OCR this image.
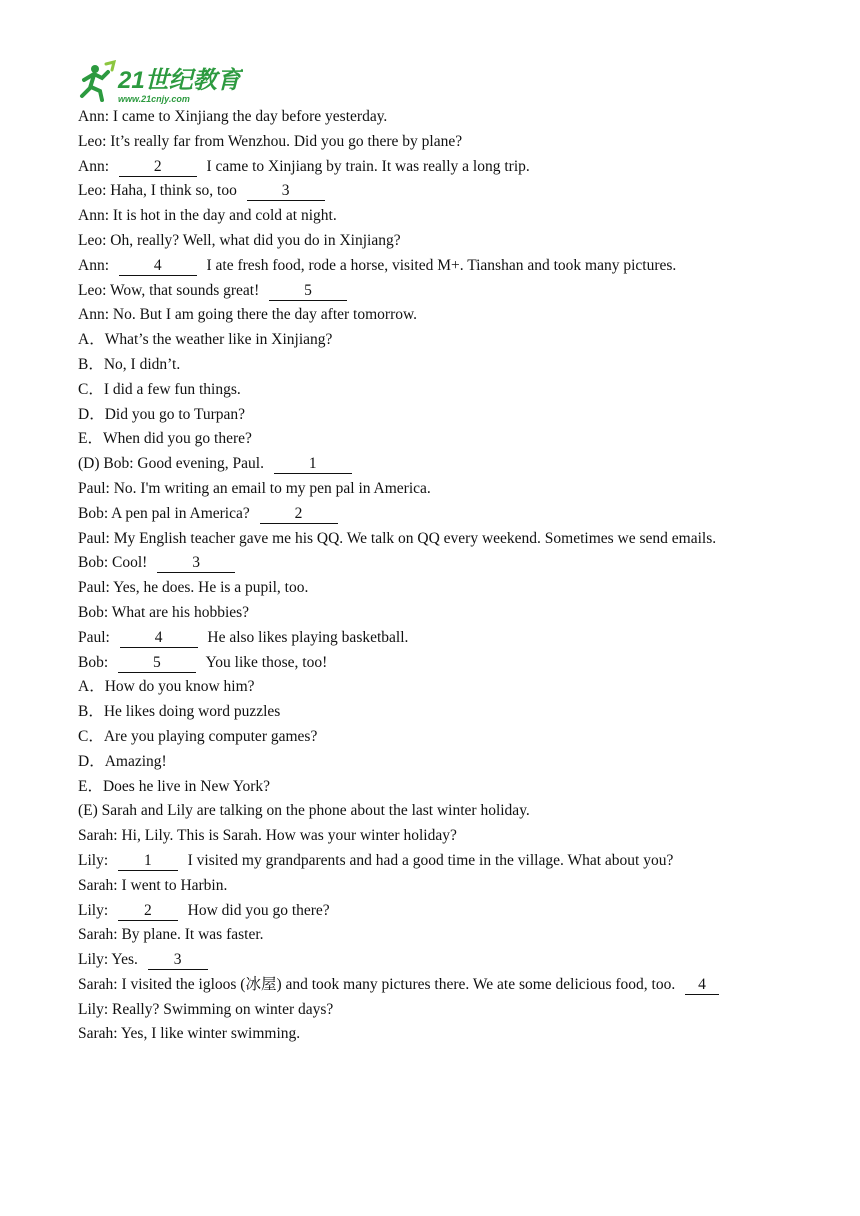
21世纪教育
www.21cnjy.com
Ann: I came to Xinjiang the day before yesterday.
Leo: It’s really far from Wenzhou. Did you go there by plane?
Ann:	2	I came to Xinjiang by train. It was really a long trip.
Leo: Haha, I think so, too	3
Ann: It is hot in the day and cold at night.
Leo: Oh, really? Well, what did you do in Xinjiang?
Ann:	4	I ate fresh food, rode a horse, visited M+. Tianshan and took many pictures.
Leo: Wow, that sounds great!	5
Ann: No. But I am going there the day after tomorrow.
A．What’s the weather like in Xinjiang?
B．No, I didn’t.
C．I did a few fun things.
D．Did you go to Turpan?
E．When did you go there?
(D) Bob: Good evening, Paul.	1
Paul: No. I'm writing an email to my pen pal in America.
Bob: A pen pal in America?	2
Paul: My English teacher gave me his QQ. We talk on QQ every weekend. Sometimes we send emails.
Bob: Cool!	3
Paul: Yes, he does. He is a pupil, too.
Bob: What are his hobbies?
Paul:	4	He also likes playing basketball.
Bob:	5	You like those, too!
A．How do you know him?
B．He likes doing word puzzles
C．Are you playing computer games?
D．Amazing!
E．Does he live in New York?
(E) Sarah and Lily are talking on the phone about the last winter holiday.
Sarah: Hi, Lily. This is Sarah. How was your winter holiday?
Lily: 1 I visited my grandparents and had a good time in the village. What about you?
Sarah: I went to Harbin.
Lily: 2 How did you go there?
Sarah: By plane. It was faster.
Lily: Yes. 3
Sarah: I visited the igloos (冰屋) and took many pictures there. We ate some delicious food, too. 4
Lily: Really? Swimming on winter days?
Sarah: Yes, I like winter swimming.
